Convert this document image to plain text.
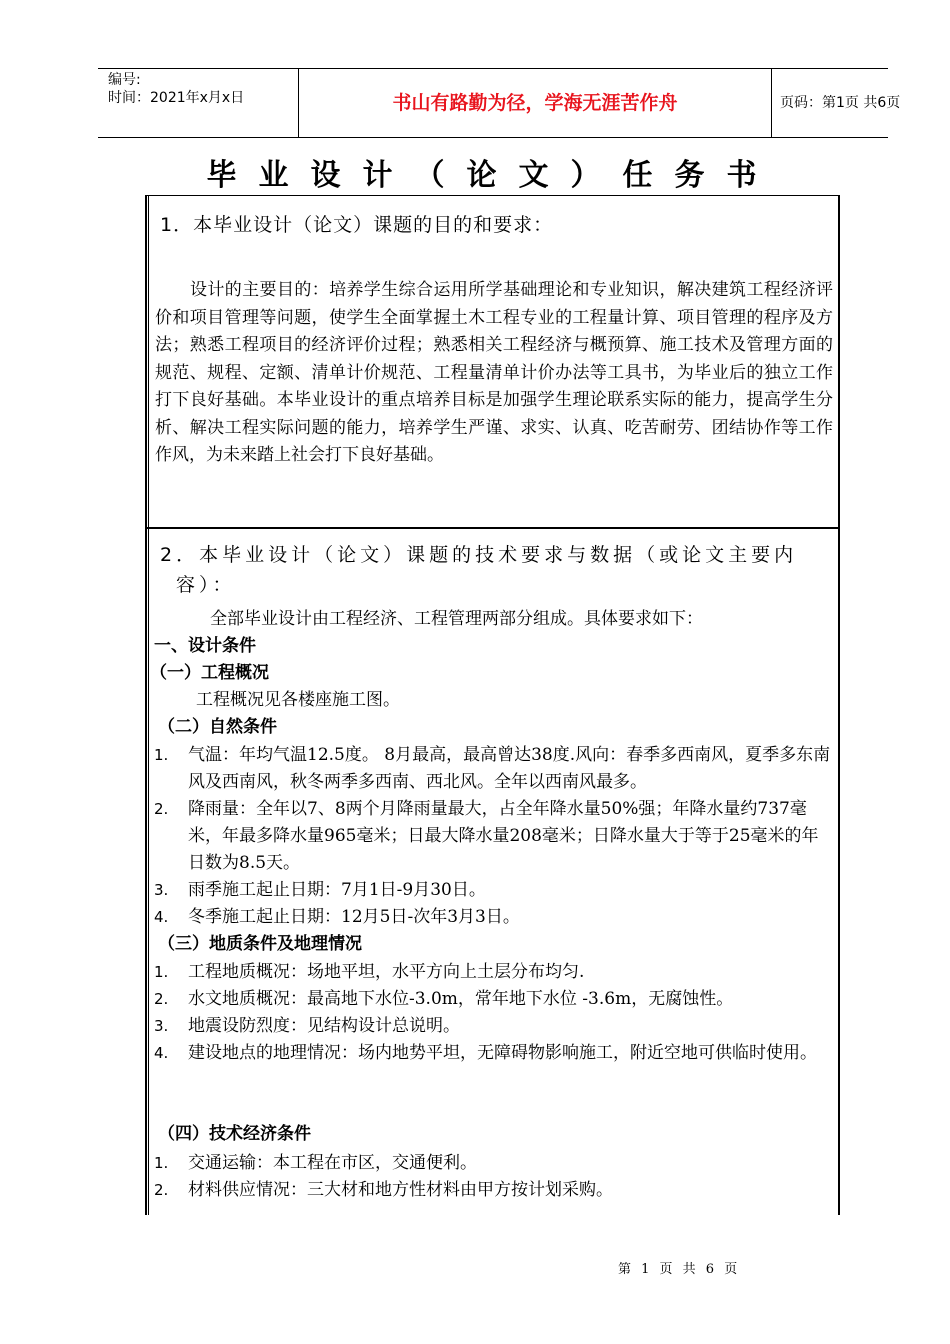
编号:
时间：2021年x月x日	书山有路勤为径，学海无涯苦作舟	页码：第1页 共6页
毕业设计（论文）任务书
1．本毕业设计（论文）课题的目的和要求：
设计的主要目的：培养学生综合运用所学基础理论和专业知识，解决建筑工程经济评价和项目管理等问题，使学生全面掌握土木工程专业的工程量计算、项目管理的程序及方法；熟悉工程项目的经济评价过程；熟悉相关工程经济与概预算、施工技术及管理方面的规范、规程、定额、清单计价规范、工程量清单计价办法等工具书，为毕业后的独立工作打下良好基础。本毕业设计的重点培养目标是加强学生理论联系实际的能力，提高学生分析、解决工程实际问题的能力，培养学生严谨、求实、认真、吃苦耐劳、团结协作等工作作风，为未来踏上社会打下良好基础。
2．本毕业设计（论文）课题的技术要求与数据（或论文主要内
容）：
全部毕业设计由工程经济、工程管理两部分组成。具体要求如下：
一、设计条件
（一）工程概况
工程概况见各楼座施工图。
（二）自然条件
1. 气温：年均气温12.5度。 8月最高，最高曾达38度.风向：春季多西南风，夏季多东南风及西南风，秋冬两季多西南、西北风。全年以西南风最多。
2. 降雨量：全年以7、8两个月降雨量最大，占全年降水量50%强；年降水量约737毫米，年最多降水量965毫米；日最大降水量208毫米；日降水量大于等于25毫米的年日数为8.5天。
3. 雨季施工起止日期：7月1日-9月30日。
4. 冬季施工起止日期：12月5日-次年3月3日。
（三）地质条件及地理情况
1. 工程地质概况：场地平坦，水平方向上土层分布均匀.
2. 水文地质概况：最高地下水位-3.0m，常年地下水位 -3.6m，无腐蚀性。
3. 地震设防烈度：见结构设计总说明。
4. 建设地点的地理情况：场内地势平坦，无障碍物影响施工，附近空地可供临时使用。
（四）技术经济条件
1. 交通运输：本工程在市区，交通便利。
2. 材料供应情况：三大材和地方性材料由甲方按计划采购。
第 1 页 共 6 页
